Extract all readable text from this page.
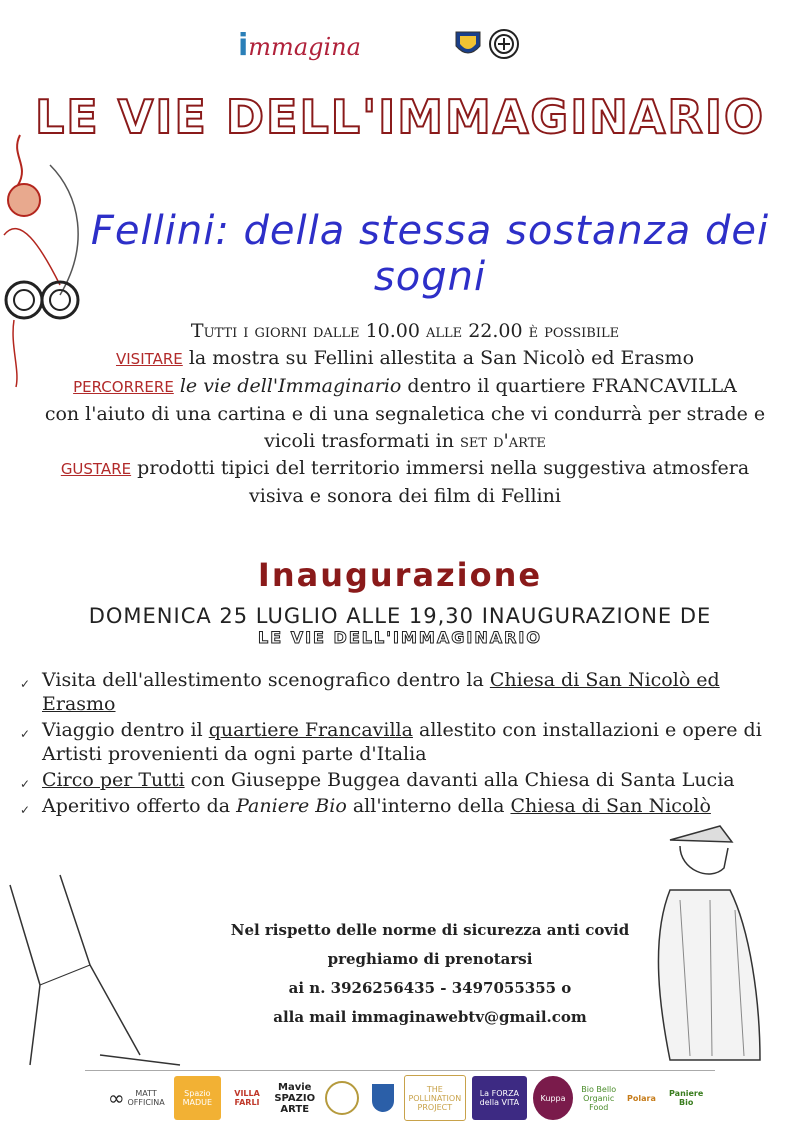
immagina
LE VIE DELL'IMMAGINARIO
Fellini: della stessa sostanza dei sogni
Tutti i giorni dalle 10.00 alle 22.00 è possibile
VISITARE la mostra su Fellini allestita a San Nicolò ed Erasmo
PERCORRERE le vie dell'Immaginario dentro il quartiere FRANCAVILLA
con l'aiuto di una cartina e di una segnaletica che vi condurrà per strade e
vicoli trasformati in set d'arte
GUSTARE prodotti tipici del territorio immersi nella suggestiva atmosfera
visiva e sonora dei film di Fellini
Inaugurazione
DOMENICA 25 LUGLIO ALLE 19,30 INAUGURAZIONE DE
LE VIE DELL'IMMAGINARIO
✓ Visita dell'allestimento scenografico dentro la Chiesa di San Nicolò ed Erasmo
✓ Viaggio dentro il quartiere Francavilla allestito con installazioni e opere di Artisti provenienti da ogni parte d'Italia
✓ Circo per Tutti con Giuseppe Buggea davanti alla Chiesa di Santa Lucia
✓ Aperitivo offerto da Paniere Bio all'interno della Chiesa di San Nicolò
Nel rispetto delle norme di sicurezza anti covid
preghiamo di prenotarsi
ai n. 3926256435 - 3497055355 o
alla mail immaginawebtv@gmail.com
∞	MATT OFFICINA
Spazio MADUE
VILLA FARLI
Mavie SPAZIO ARTE
THE POLLINATION PROJECT
La FORZA della VITA	Kuppa
Bio Bello Organic Food
Polara	Paniere Bio
